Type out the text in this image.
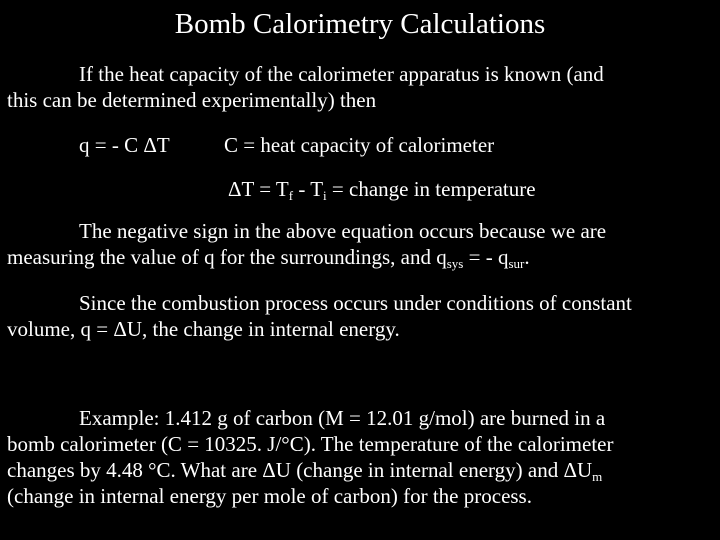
Bomb Calorimetry Calculations
If the heat capacity of the calorimeter apparatus is known (and
this can be determined experimentally) then
q = - C ΔT	C = heat capacity of calorimeter
$\Delta T = T_f - T_i$ = change in temperature
The negative sign in the above equation occurs because we are
measuring the value of q for the surroundings, and $q_{sys}$ = - $q_{sur}$.
Since the combustion process occurs under conditions of constant
volume, q = ΔU, the change in internal energy.
Example: 1.412 g of carbon (M = 12.01 g/mol) are burned in a
bomb calorimeter (C = 10325. J/°C). The temperature of the calorimeter
changes by 4.48 °C. What are ΔU (change in internal energy) and $\Delta U_m$
(change in internal energy per mole of carbon) for the process.
